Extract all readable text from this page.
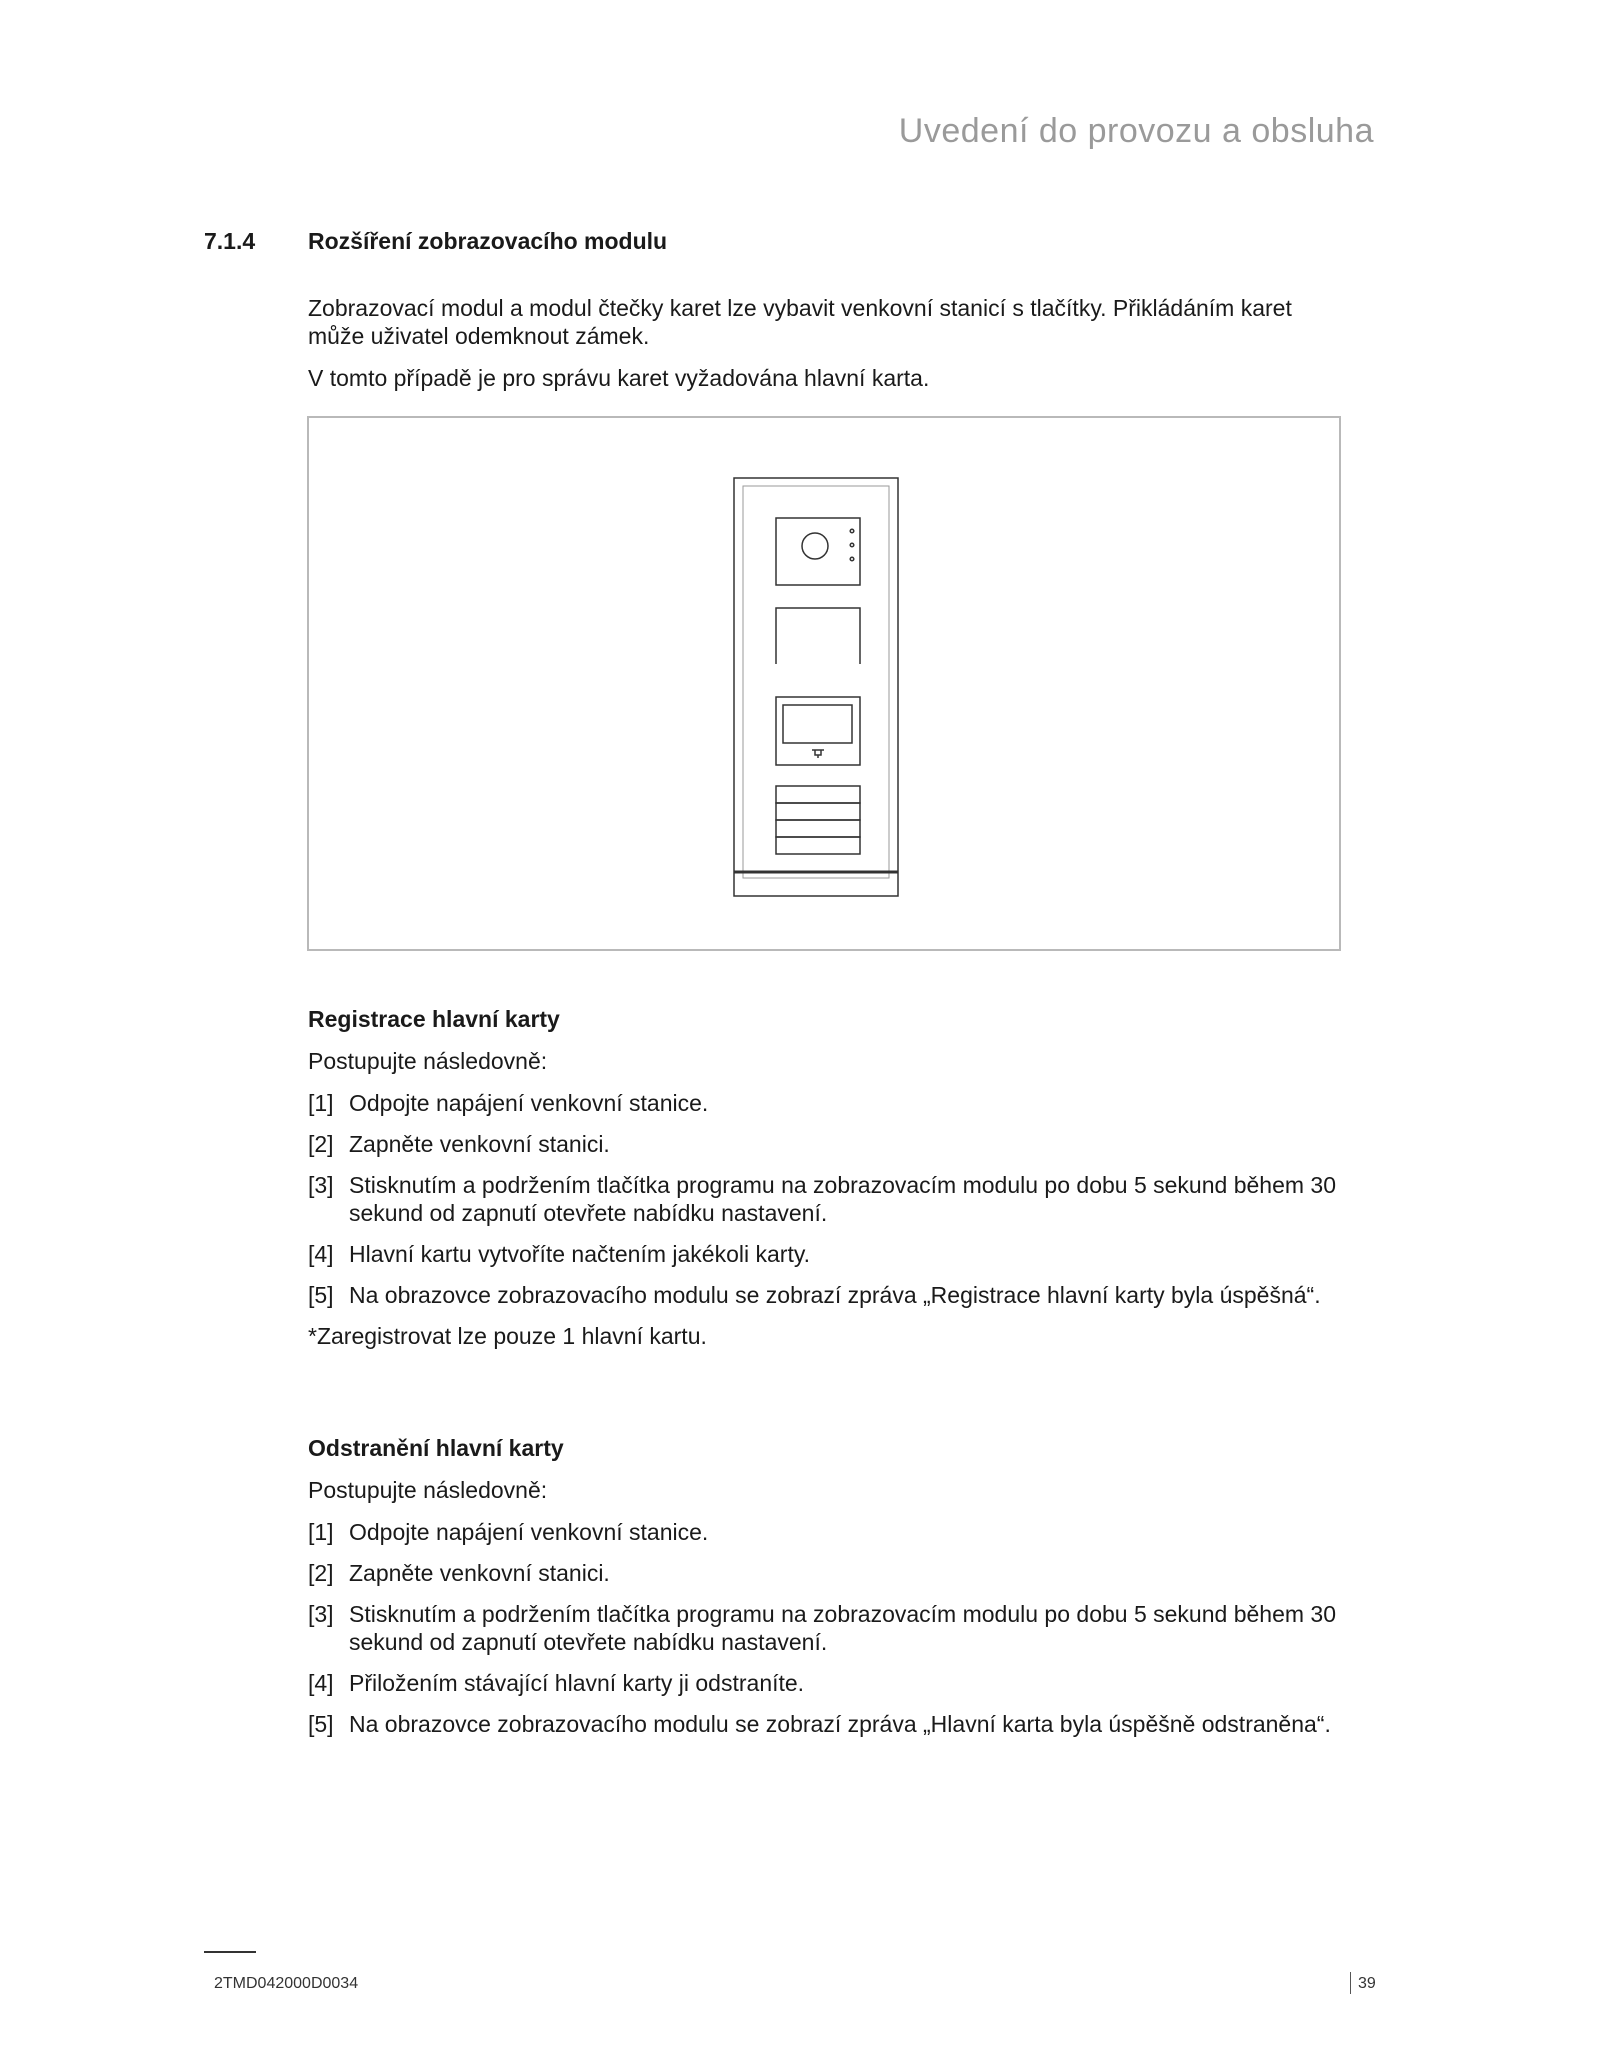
Uvedení do provozu a obsluha
7.1.4 Rozšíření zobrazovacího modulu

Zobrazovací modul a modul čtečky karet lze vybavit venkovní stanicí s tlačítky. Přikládáním karet může uživatel odemknout zámek.

V tomto případě je pro správu karet vyžadována hlavní karta.

Registrace hlavní karty

Postupujte následovně:

[1] Odpojte napájení venkovní stanice.
[2] Zapněte venkovní stanici.
[3] Stisknutím a podržením tlačítka programu na zobrazovacím modulu po dobu 5 sekund během 30 sekund od zapnutí otevřete nabídku nastavení.
[4] Hlavní kartu vytvoříte načtením jakékoli karty.
[5] Na obrazovce zobrazovacího modulu se zobrazí zpráva „Registrace hlavní karty byla úspěšná“.

*Zaregistrovat lze pouze 1 hlavní kartu.

Odstranění hlavní karty

Postupujte následovně:

[1] Odpojte napájení venkovní stanice.
[2] Zapněte venkovní stanici.
[3] Stisknutím a podržením tlačítka programu na zobrazovacím modulu po dobu 5 sekund během 30 sekund od zapnutí otevřete nabídku nastavení.
[4] Přiložením stávající hlavní karty ji odstraníte.
[5] Na obrazovce zobrazovacího modulu se zobrazí zpráva „Hlavní karta byla úspěšně odstraněna“.
2TMD042000D0034	39
